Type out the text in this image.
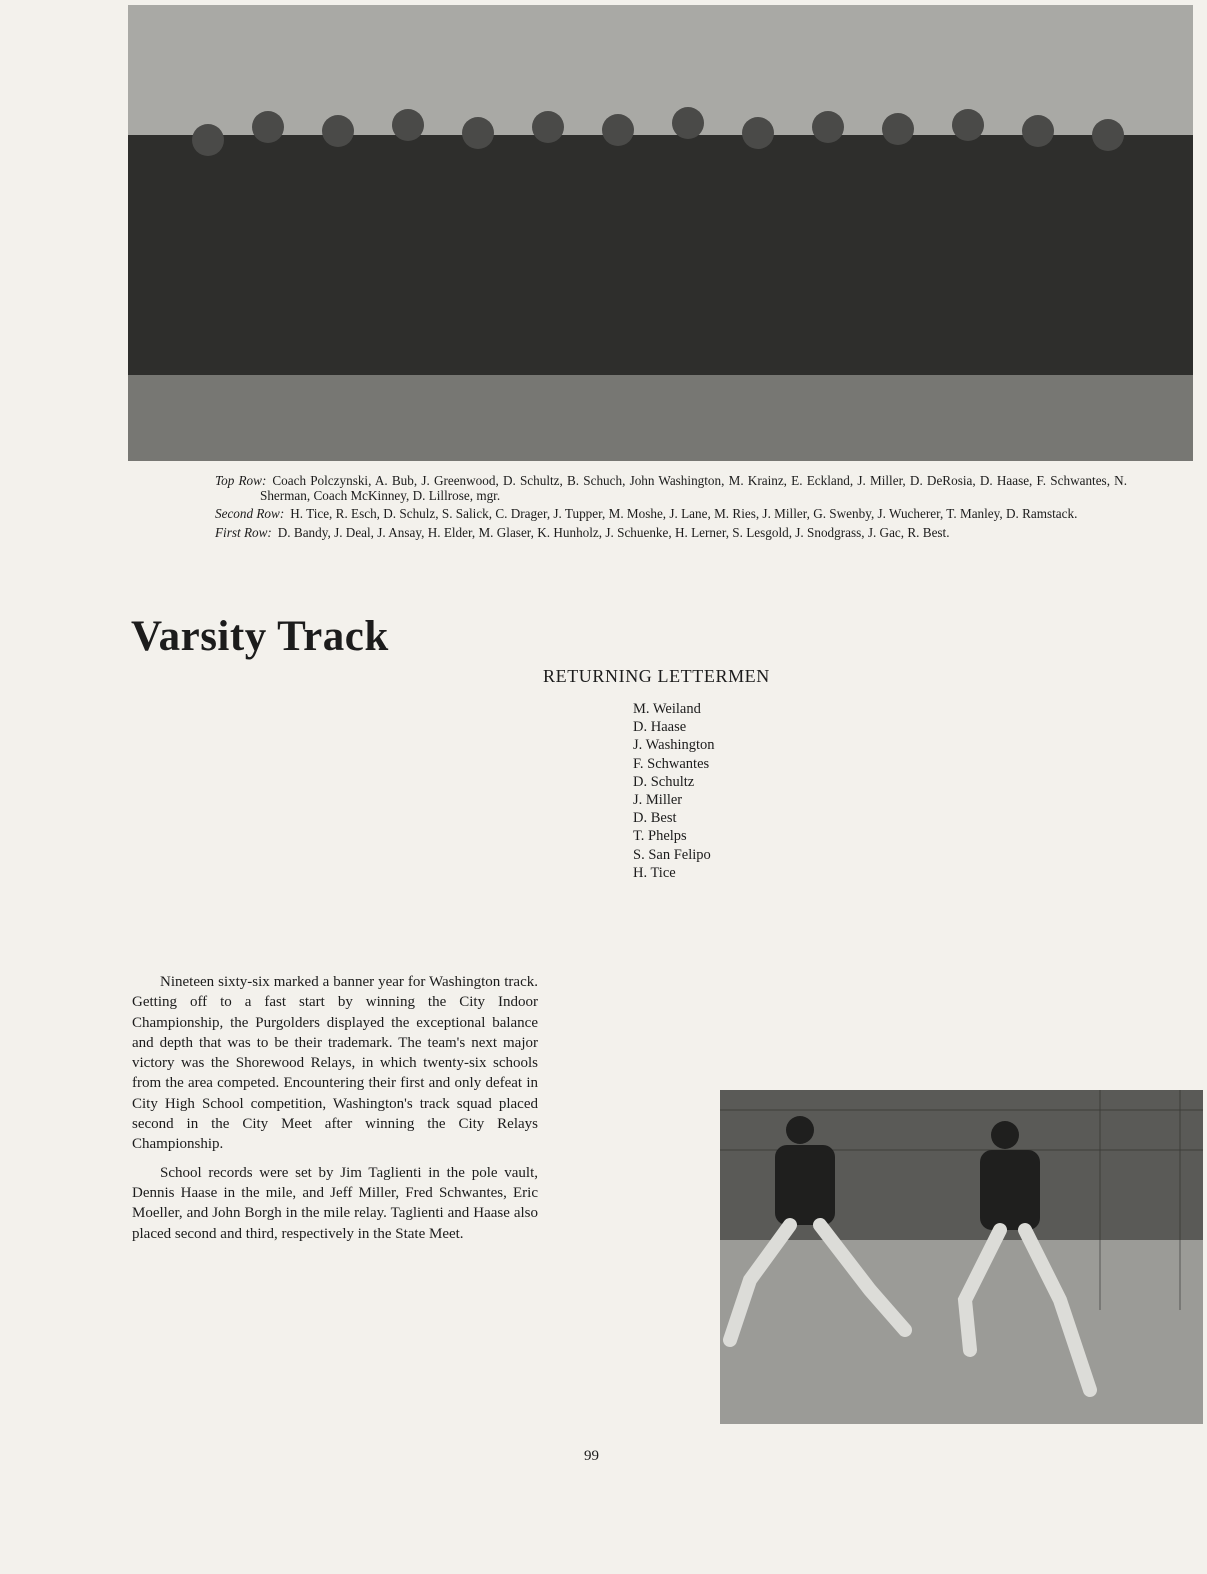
Top Row: Coach Polczynski, A. Bub, J. Greenwood, D. Schultz, B. Schuch, John Washington, M. Krainz, E. Eckland, J. Miller, D. DeRosia, D. Haase, F. Schwantes, N. Sherman, Coach McKinney, D. Lillrose, mgr.

Second Row: H. Tice, R. Esch, D. Schulz, S. Salick, C. Drager, J. Tupper, M. Moshe, J. Lane, M. Ries, J. Miller, G. Swenby, J. Wucherer, T. Manley, D. Ramstack.

First Row: D. Bandy, J. Deal, J. Ansay, H. Elder, M. Glaser, K. Hunholz, J. Schuenke, H. Lerner, S. Lesgold, J. Snodgrass, J. Gac, R. Best.

Varsity Track
RETURNING LETTERMEN
M. Weiland
D. Haase
J. Washington
F. Schwantes
D. Schultz
J. Miller
D. Best
T. Phelps
S. San Felipo
H. Tice

Nineteen sixty-six marked a banner year for Washington track. Getting off to a fast start by winning the City Indoor Championship, the Purgolders displayed the exceptional balance and depth that was to be their trademark. The team's next major victory was the Shorewood Relays, in which twenty-six schools from the area competed. Encountering their first and only defeat in City High School competition, Washington's track squad placed second in the City Meet after winning the City Relays Championship.

School records were set by Jim Taglienti in the pole vault, Dennis Haase in the mile, and Jeff Miller, Fred Schwantes, Eric Moeller, and John Borgh in the mile relay. Taglienti and Haase also placed second and third, respectively in the State Meet.

99
